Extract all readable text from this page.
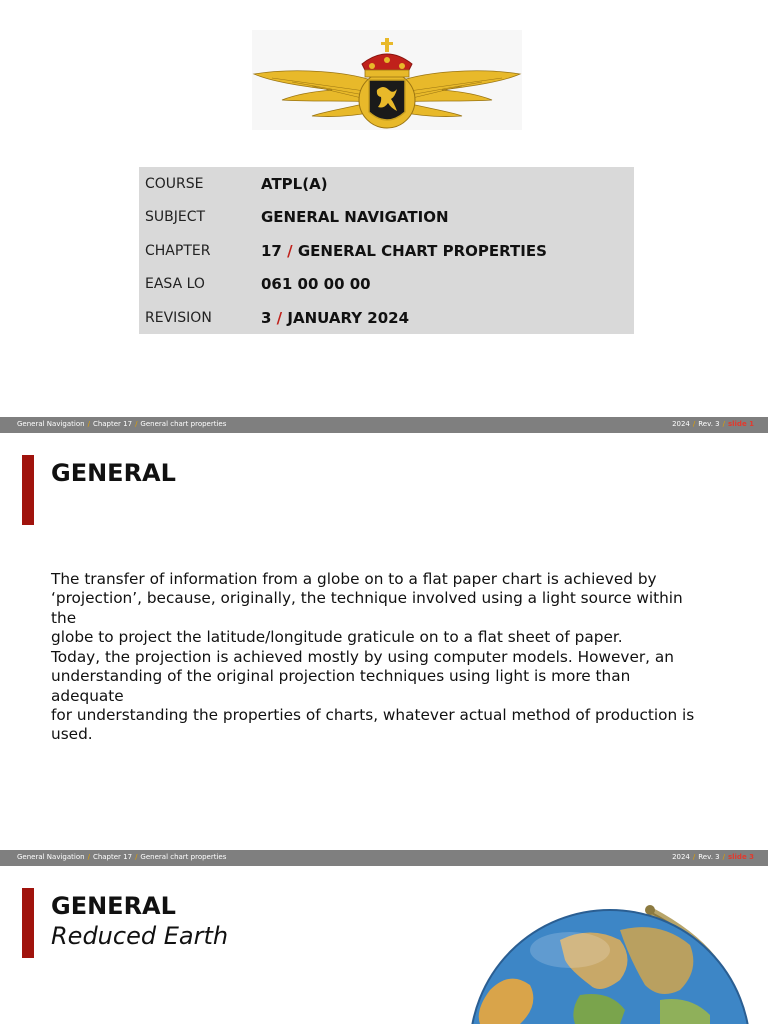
COURSE	ATPL(A)
SUBJECT	GENERAL NAVIGATION
CHAPTER	17 / GENERAL CHART PROPERTIES
EASA LO	061 00 00 00
REVISION	3 / JANUARY 2024
General Navigation / Chapter 17 / General chart properties	2024 / Rev. 3 / slide 1
GENERAL

The transfer of information from a globe on to a flat paper chart is achieved by
‘projection’, because, originally, the technique involved using a light source within the
globe to project the latitude/longitude graticule on to a flat sheet of paper.

Today, the projection is achieved mostly by using computer models. However, an
understanding of the original projection techniques using light is more than adequate
for understanding the properties of charts, whatever actual method of production is
used.

General Navigation / Chapter 17 / General chart properties	2024 / Rev. 3 / slide 3
GENERAL
Reduced Earth
